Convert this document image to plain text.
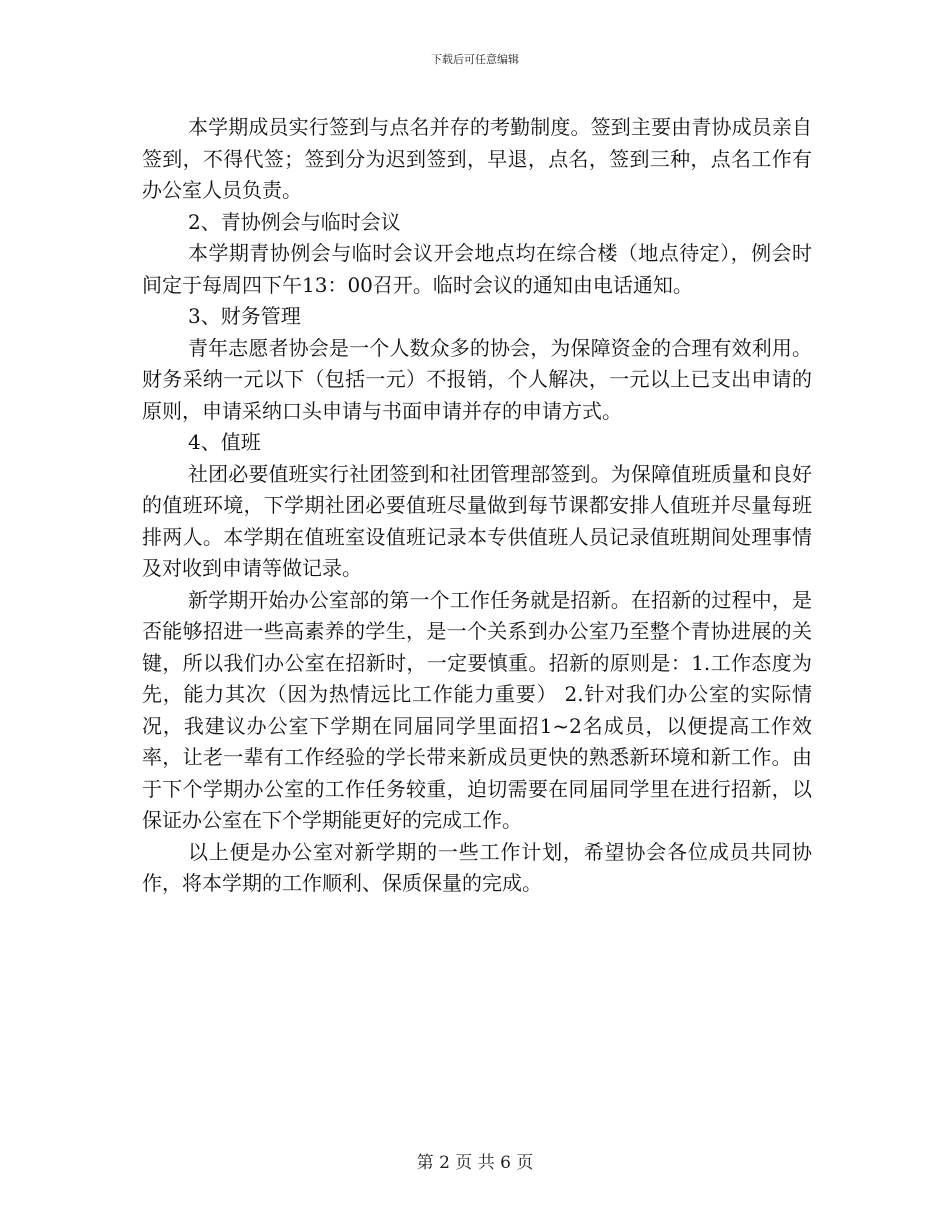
下载后可任意编辑

本学期成员实行签到与点名并存的考勤制度。签到主要由青协成员亲自签到，不得代签；签到分为迟到签到，早退，点名，签到三种，点名工作有办公室人员负责。

2、青协例会与临时会议

本学期青协例会与临时会议开会地点均在综合楼（地点待定），例会时间定于每周四下午13：00召开。临时会议的通知由电话通知。

3、财务管理

青年志愿者协会是一个人数众多的协会，为保障资金的合理有效利用。财务采纳一元以下（包括一元）不报销，个人解决，一元以上已支出申请的原则，申请采纳口头申请与书面申请并存的申请方式。

4、值班

社团必要值班实行社团签到和社团管理部签到。为保障值班质量和良好的值班环境，下学期社团必要值班尽量做到每节课都安排人值班并尽量每班排两人。本学期在值班室设值班记录本专供值班人员记录值班期间处理事情及对收到申请等做记录。

新学期开始办公室部的第一个工作任务就是招新。在招新的过程中，是否能够招进一些高素养的学生，是一个关系到办公室乃至整个青协进展的关键，所以我们办公室在招新时，一定要慎重。招新的原则是：1.工作态度为先，能力其次（因为热情远比工作能力重要） 2.针对我们办公室的实际情况，我建议办公室下学期在同届同学里面招1~2名成员，以便提高工作效率，让老一辈有工作经验的学长带来新成员更快的熟悉新环境和新工作。由于下个学期办公室的工作任务较重，迫切需要在同届同学里在进行招新，以保证办公室在下个学期能更好的完成工作。

以上便是办公室对新学期的一些工作计划，希望协会各位成员共同协作，将本学期的工作顺利、保质保量的完成。

第 2 页 共 6 页
